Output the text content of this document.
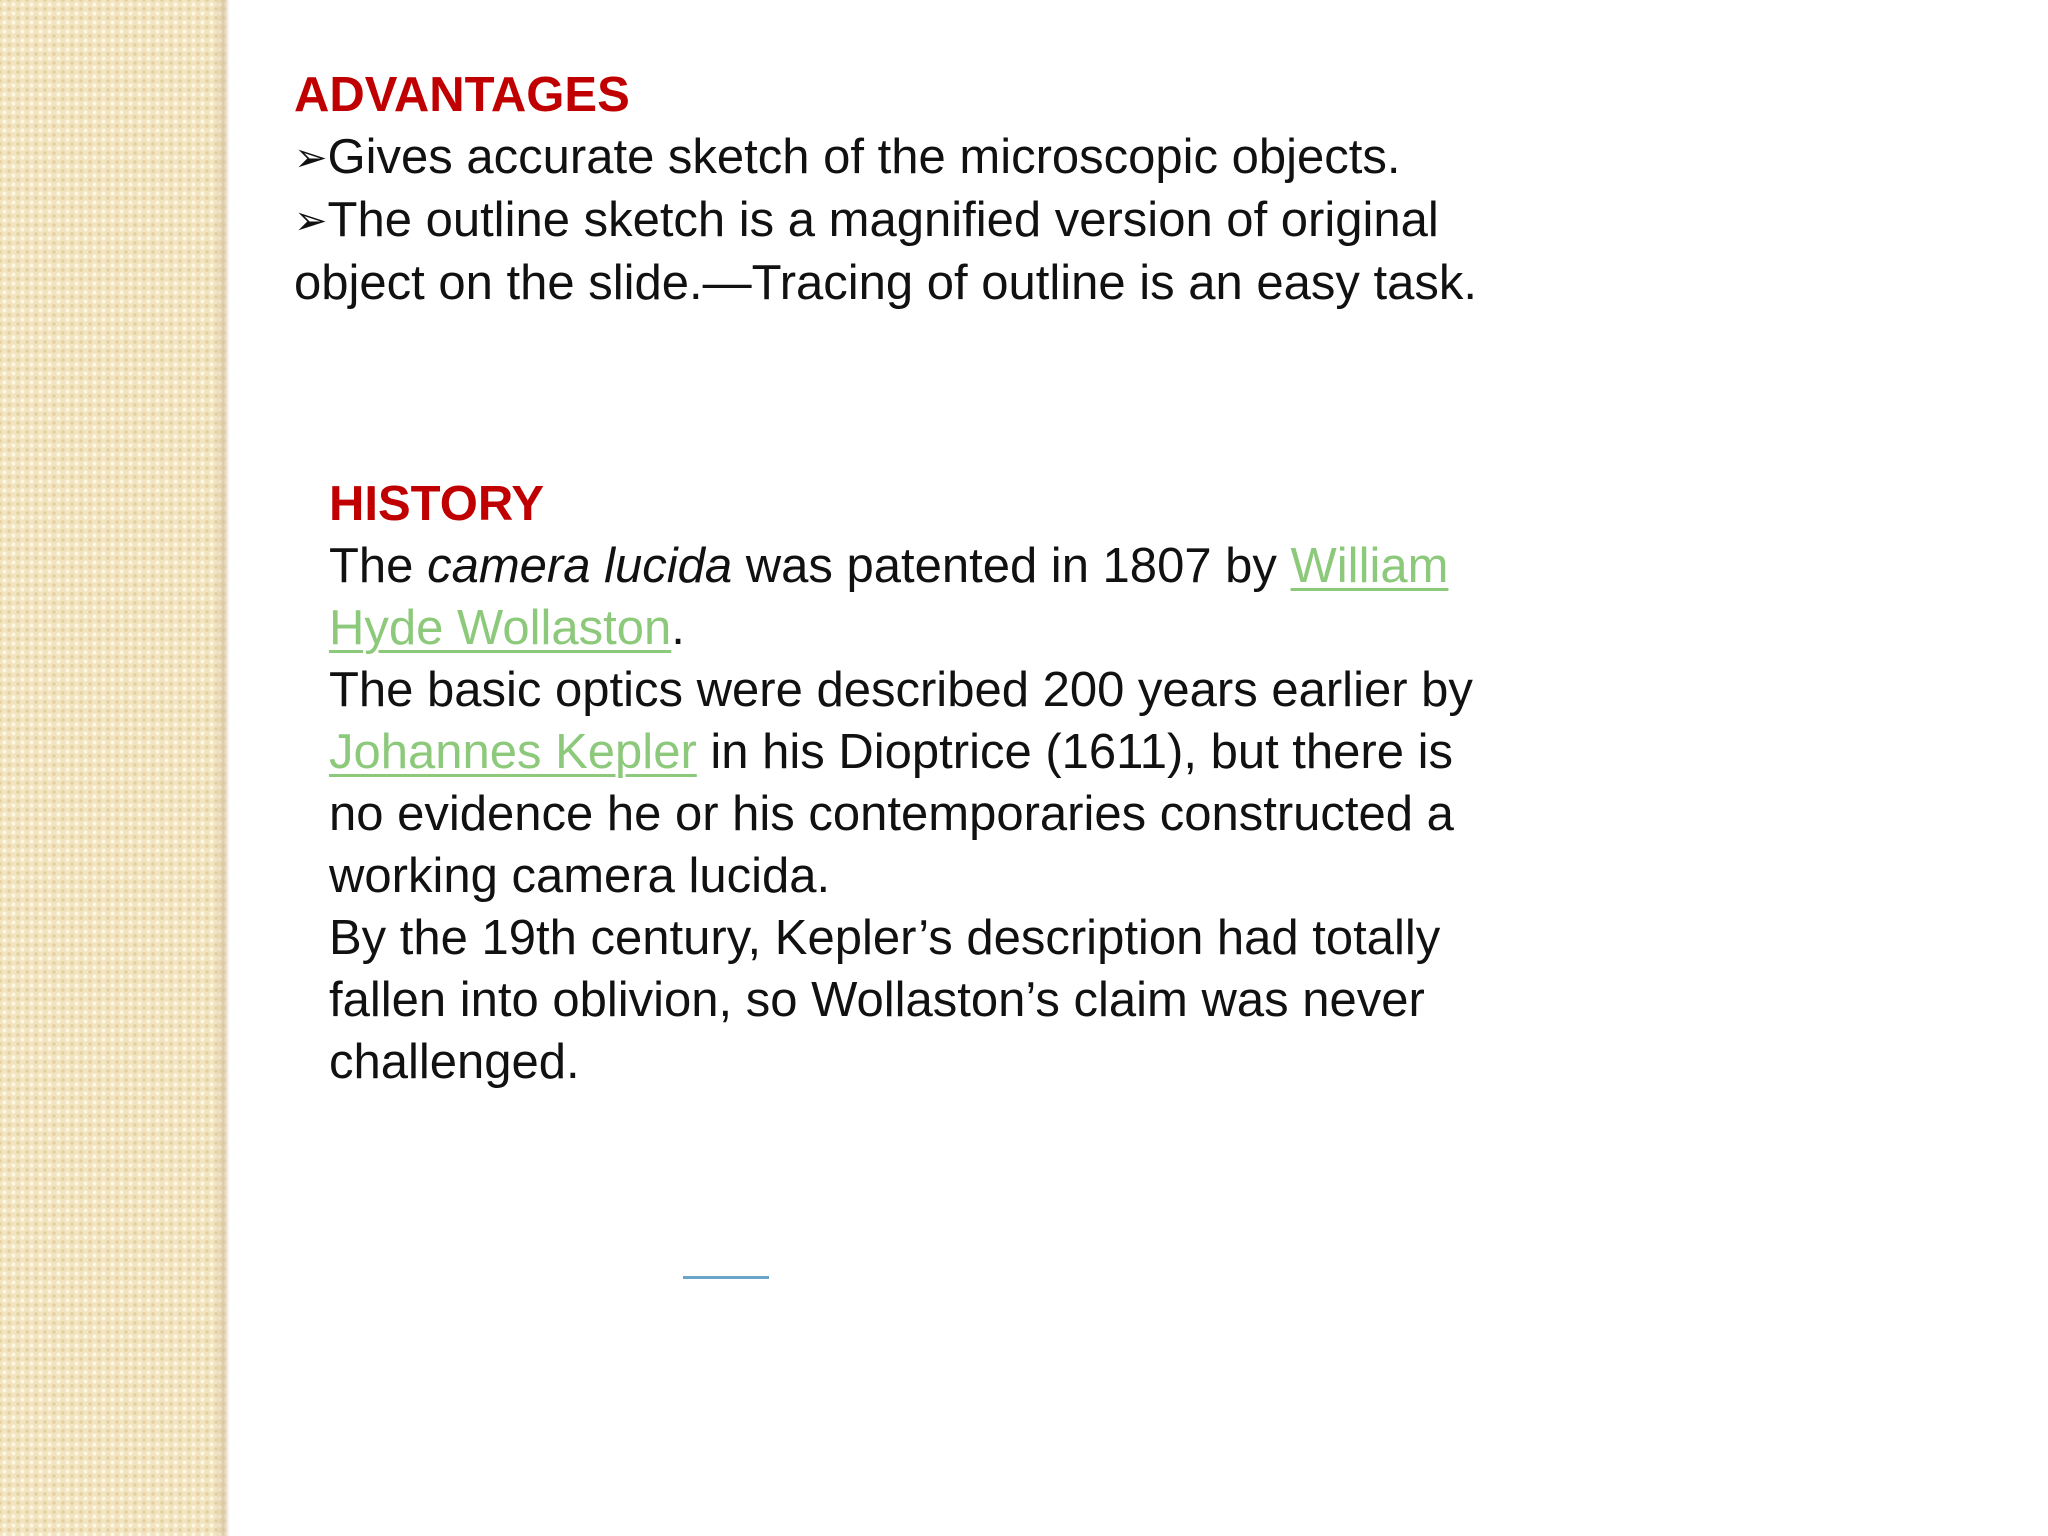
ADVANTAGES
➢Gives accurate sketch of the microscopic objects.
➢The outline sketch is a magnified version of original
object on the slide.—Tracing of outline is an easy task.
HISTORY
The camera lucida was patented in 1807 by William
Hyde Wollaston.
The basic optics were described 200 years earlier by
Johannes Kepler in his Dioptrice (1611), but there is
no evidence he or his contemporaries constructed a
working camera lucida.
By the 19th century, Kepler’s description had totally
fallen into oblivion, so Wollaston’s claim was never
challenged.
